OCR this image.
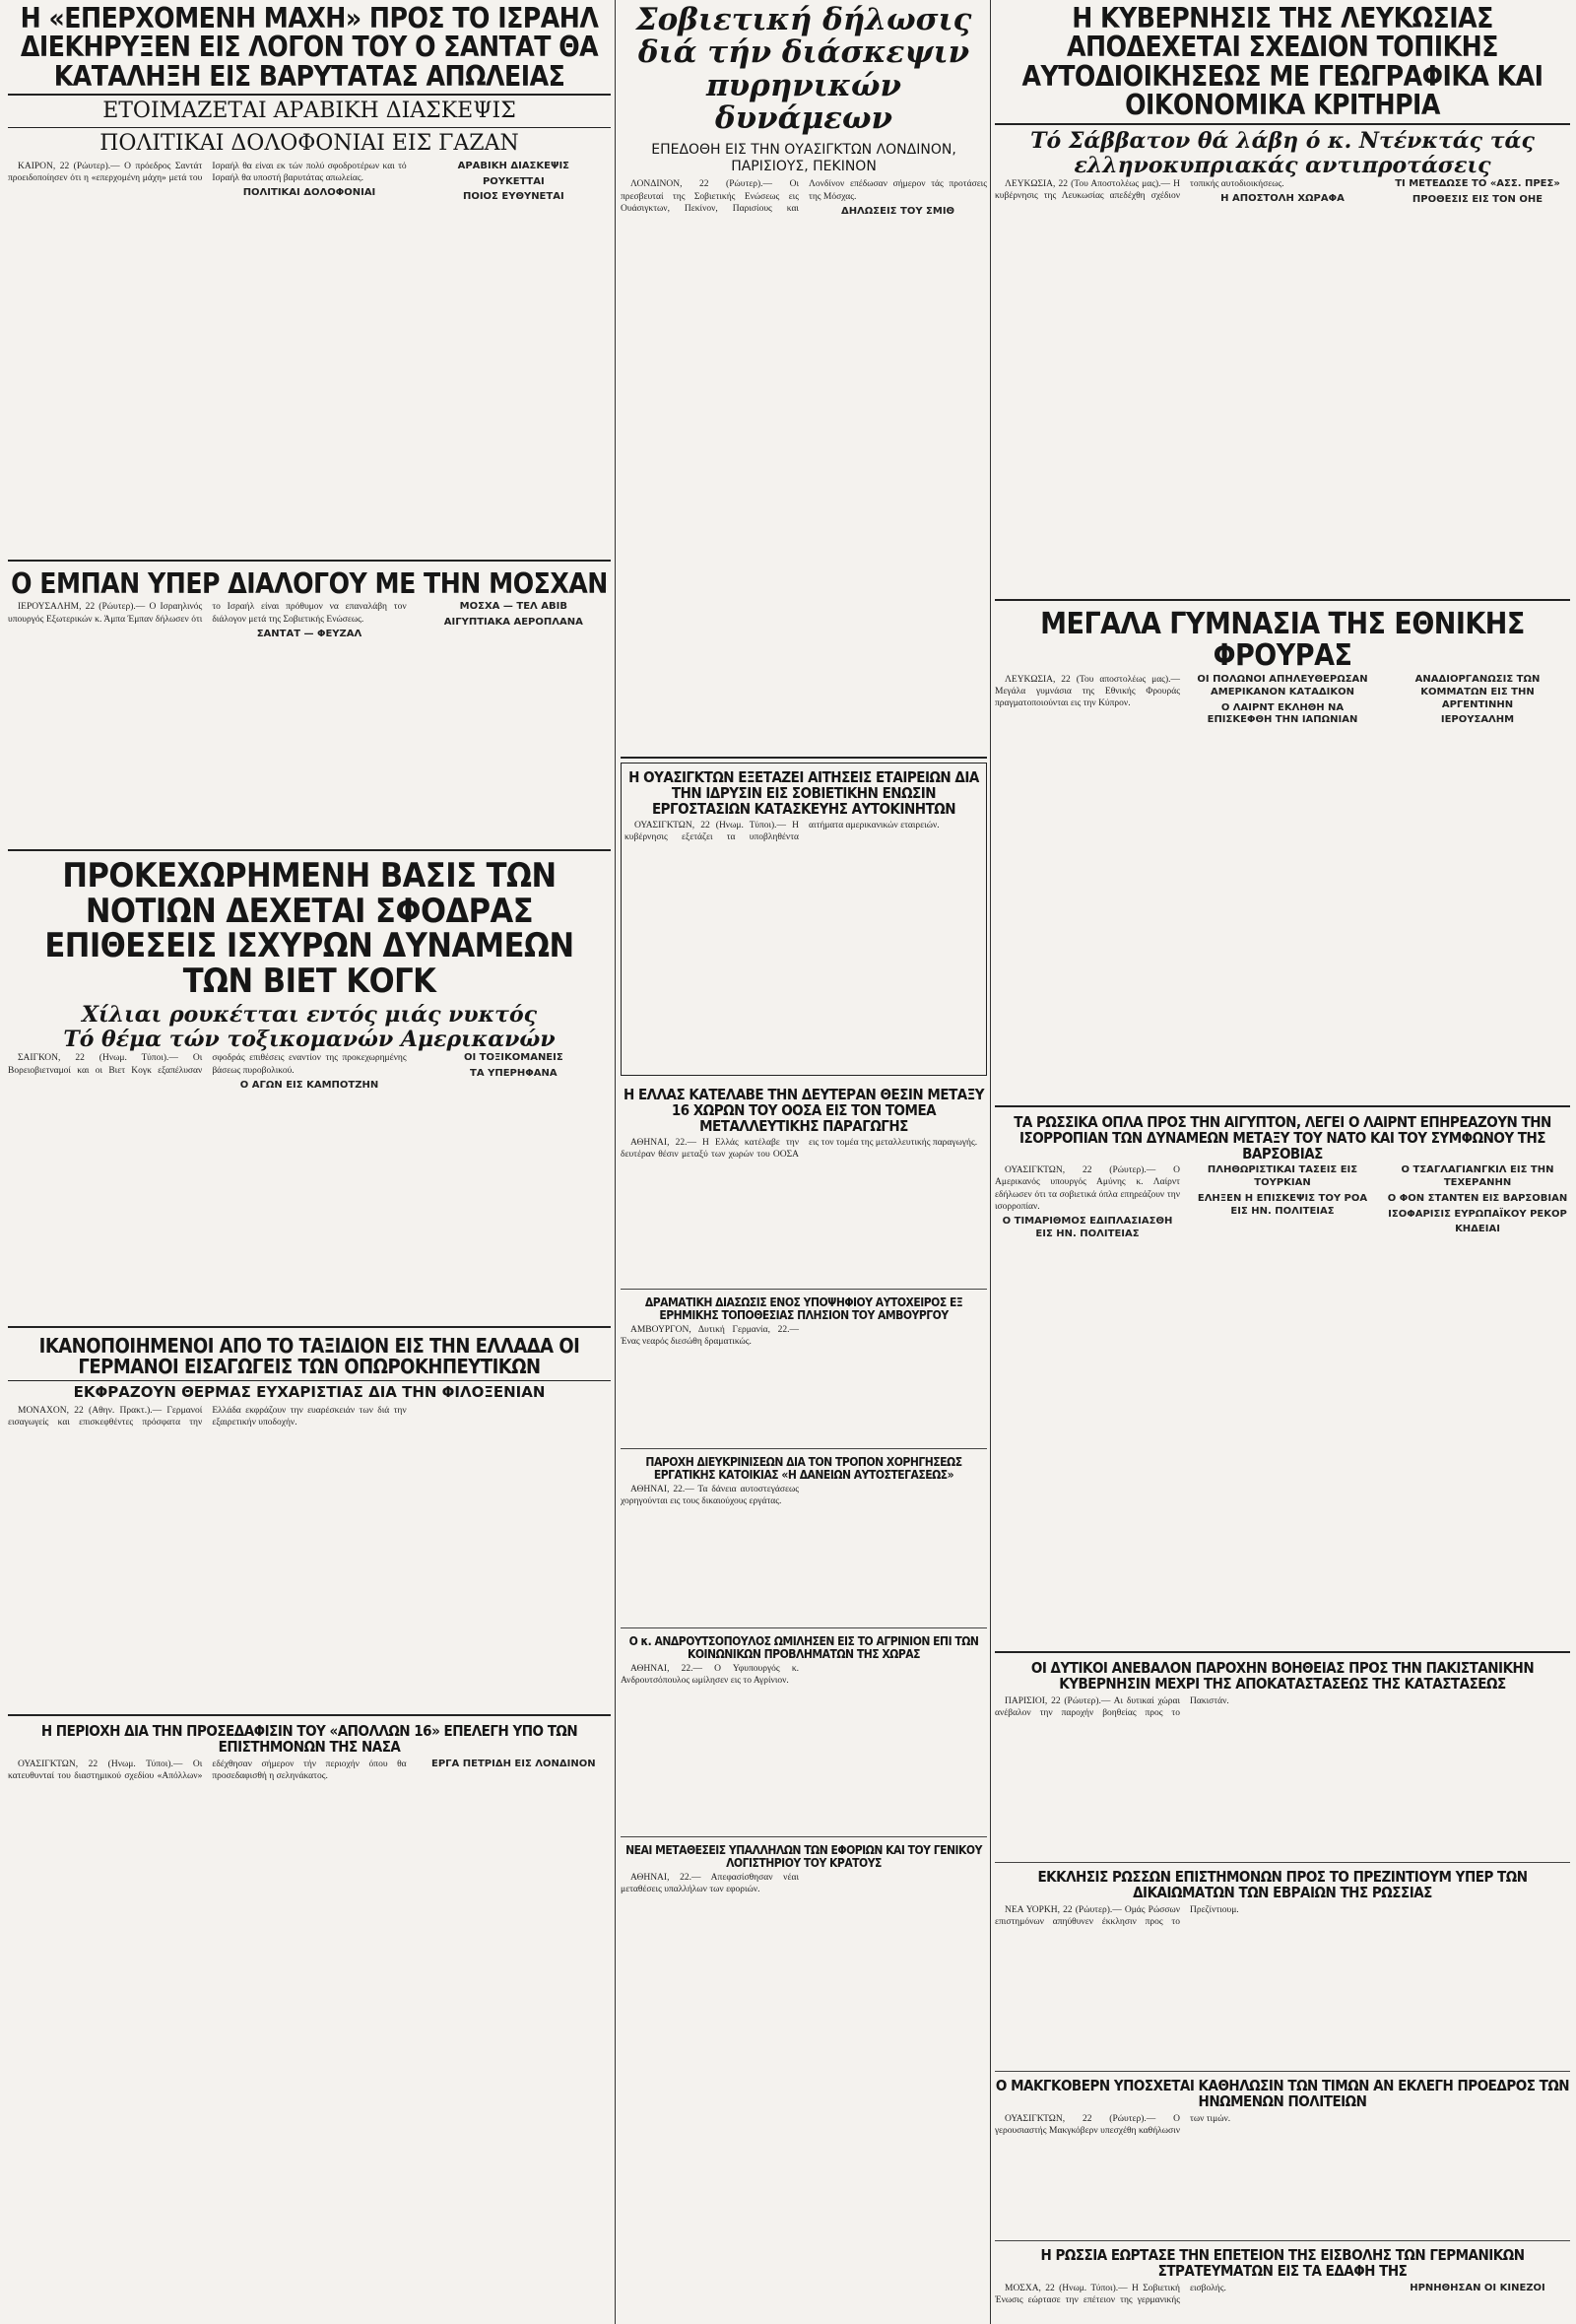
Η «ΕΠΕΡΧΟΜΕΝΗ ΜΑΧΗ» ΠΡΟΣ ΤΟ ΙΣΡΑΗΛ ΔΙΕΚΗΡΥΞΕΝ ΕΙΣ ΛΟΓΟΝ ΤΟΥ Ο ΣΑΝΤΑΤ ΘΑ ΚΑΤΑΛΗΞΗ ΕΙΣ ΒΑΡΥΤΑΤΑΣ ΑΠΩΛΕΙΑΣ
ΕΤΟΙΜΑΖΕΤΑΙ ΑΡΑΒΙΚΗ ΔΙΑΣΚΕΨΙΣ
ΠΟΛΙΤΙΚΑΙ ΔΟΛΟΦΟΝΙΑΙ ΕΙΣ ΓΑΖΑΝ

ΚΑΙΡΟΝ, 22 (Ρώυτερ).— Ο πρόεδρος Σαντάτ προειδοποίησεν ότι η «επερχομένη μάχη» μετά του Ισραήλ θα είναι εκ τών πολύ σφοδροτέρων και τό Ισραήλ θα υποστή βαρυτάτας απωλείας.

ΠΟΛΙΤΙΚΑΙ ΔΟΛΟΦΟΝΙΑΙ
ΑΡΑΒΙΚΗ ΔΙΑΣΚΕΨΙΣ
ΡΟΥΚΕΤΤΑΙ
ΠΟΙΟΣ ΕΥΘΥΝΕΤΑΙ
Ο ΕΜΠΑΝ ΥΠΕΡ ΔΙΑΛΟΓΟΥ ΜΕ ΤΗΝ ΜΟΣΧΑΝ

ΙΕΡΟΥΣΑΛΗΜ, 22 (Ρώυτερ).— Ο Ισραηλινός υπουργός Εξωτερικών κ. Άμπα Έμπαν δήλωσεν ότι το Ισραήλ είναι πρόθυμον να επαναλάβη τον διάλογον μετά της Σοβιετικής Ενώσεως.

ΣΑΝΤΑΤ — ΦΕΥΖΑΛ
ΜΟΣΧΑ — ΤΕΛ ΑΒΙΒ
ΑΙΓΥΠΤΙΑΚΑ ΑΕΡΟΠΛΑΝΑ
ΠΡΟΚΕΧΩΡΗΜΕΝΗ ΒΑΣΙΣ ΤΩΝ ΝΟΤΙΩΝ ΔΕΧΕΤΑΙ ΣΦΟΔΡΑΣ ΕΠΙΘΕΣΕΙΣ ΙΣΧΥΡΩΝ ΔΥΝΑΜΕΩΝ ΤΩΝ ΒΙΕΤ ΚΟΓΚ
Χίλιαι ρουκέτται εντός μιάς νυκτός
Τό θέμα τών τοξικομανών Αμερικανών

ΣΑΙΓΚΟΝ, 22 (Ηνωμ. Τύποι).— Οι Βορειοβιετναμοί και οι Βιετ Κογκ εξαπέλυσαν σφοδράς επιθέσεις εναντίον της προκεχωρημένης βάσεως πυροβολικού.

Ο ΑΓΩΝ ΕΙΣ ΚΑΜΠΟΤΖΗΝ
ΟΙ ΤΟΞΙΚΟΜΑΝΕΙΣ
ΤΑ ΥΠΕΡΗΦΑΝΑ
ΙΚΑΝΟΠΟΙΗΜΕΝΟΙ ΑΠΟ ΤΟ ΤΑΞΙΔΙΟΝ ΕΙΣ ΤΗΝ ΕΛΛΑΔΑ ΟΙ ΓΕΡΜΑΝΟΙ ΕΙΣΑΓΩΓΕΙΣ ΤΩΝ ΟΠΩΡΟΚΗΠΕΥΤΙΚΩΝ
ΕΚΦΡΑΖΟΥΝ ΘΕΡΜΑΣ ΕΥΧΑΡΙΣΤΙΑΣ ΔΙΑ ΤΗΝ ΦΙΛΟΞΕΝΙΑΝ

ΜΟΝΑΧΟΝ, 22 (Αθην. Πρακτ.).— Γερμανοί εισαγωγείς και επισκεφθέντες πρόσφατα την Ελλάδα εκφράζουν την ευαρέσκειάν των διά την εξαιρετικήν υποδοχήν.

Η ΠΕΡΙΟΧΗ ΔΙΑ ΤΗΝ ΠΡΟΣΕΔΑΦΙΣΙΝ ΤΟΥ «ΑΠΟΛΛΩΝ 16» ΕΠΕΛΕΓΗ ΥΠΟ ΤΩΝ ΕΠΙΣΤΗΜΟΝΩΝ ΤΗΣ ΝΑΣΑ

ΟΥΑΣΙΓΚΤΩΝ, 22 (Ηνωμ. Τύποι).— Οι κατευθυνταί του διαστημικού σχεδίου «Απόλλων» εδέχθησαν σήμερον τήν περιοχήν όπου θα προσεδαφισθή η σεληνάκατος.

ΕΡΓΑ ΠΕΤΡΙΔΗ ΕΙΣ ΛΟΝΔΙΝΟΝ
Σοβιετική δήλωσις διά τήν διάσκεψιν πυρηνικών δυνάμεων
ΕΠΕΔΟΘΗ ΕΙΣ ΤΗΝ ΟΥΑΣΙΓΚΤΩΝ ΛΟΝΔΙΝΟΝ, ΠΑΡΙΣΙΟΥΣ, ΠΕΚΙΝΟΝ

ΛΟΝΔΙΝΟΝ, 22 (Ρώυτερ).— Οι πρεσβευταί της Σοβιετικής Ενώσεως εις Ουάσιγκτων, Πεκίνον, Παρισίους και Λονδίνον επέδωσαν σήμερον τάς προτάσεις της Μόσχας.

ΔΗΛΩΣΕΙΣ ΤΟΥ ΣΜΙΘ
Η ΟΥΑΣΙΓΚΤΩΝ ΕΞΕΤΑΖΕΙ ΑΙΤΗΣΕΙΣ ΕΤΑΙΡΕΙΩΝ ΔΙΑ ΤΗΝ ΙΔΡΥΣΙΝ ΕΙΣ ΣΟΒΙΕΤΙΚΗΝ ΕΝΩΣΙΝ ΕΡΓΟΣΤΑΣΙΩΝ ΚΑΤΑΣΚΕΥΗΣ ΑΥΤΟΚΙΝΗΤΩΝ

ΟΥΑΣΙΓΚΤΩΝ, 22 (Ηνωμ. Τύποι).— Η κυβέρνησις εξετάζει τα υποβληθέντα αιτήματα αμερικανικών εταιρειών.

Η ΕΛΛΑΣ ΚΑΤΕΛΑΒΕ ΤΗΝ ΔΕΥΤΕΡΑΝ ΘΕΣΙΝ ΜΕΤΑΞΥ 16 ΧΩΡΩΝ ΤΟΥ ΟΟΣΑ ΕΙΣ ΤΟΝ ΤΟΜΕΑ ΜΕΤΑΛΛΕΥΤΙΚΗΣ ΠΑΡΑΓΩΓΗΣ

ΑΘΗΝΑΙ, 22.— Η Ελλάς κατέλαβε την δευτέραν θέσιν μεταξύ των χωρών του ΟΟΣΑ εις τον τομέα της μεταλλευτικής παραγωγής.

ΔΡΑΜΑΤΙΚΗ ΔΙΑΣΩΣΙΣ ΕΝΟΣ ΥΠΟΨΗΦΙΟΥ ΑΥΤΟΧΕΙΡΟΣ ΕΞ ΕΡΗΜΙΚΗΣ ΤΟΠΟΘΕΣΙΑΣ ΠΛΗΣΙΟΝ ΤΟΥ ΑΜΒΟΥΡΓΟΥ

ΑΜΒΟΥΡΓΟΝ, Δυτική Γερμανία, 22.— Ένας νεαρός διεσώθη δραματικώς.

ΠΑΡΟΧΗ ΔΙΕΥΚΡΙΝΙΣΕΩΝ ΔΙΑ ΤΟΝ ΤΡΟΠΟΝ ΧΟΡΗΓΗΣΕΩΣ ΕΡΓΑΤΙΚΗΣ ΚΑΤΟΙΚΙΑΣ «Η ΔΑΝΕΙΩΝ ΑΥΤΟΣΤΕΓΑΣΕΩΣ»

ΑΘΗΝΑΙ, 22.— Τα δάνεια αυτοστεγάσεως χορηγούνται εις τους δικαιούχους εργάτας.

Ο κ. ΑΝΔΡΟΥΤΣΟΠΟΥΛΟΣ ΩΜΙΛΗΣΕΝ ΕΙΣ ΤΟ ΑΓΡΙΝΙΟΝ ΕΠΙ ΤΩΝ ΚΟΙΝΩΝΙΚΩΝ ΠΡΟΒΛΗΜΑΤΩΝ ΤΗΣ ΧΩΡΑΣ

ΑΘΗΝΑΙ, 22.— Ο Υφυπουργός κ. Ανδρουτσόπουλος ωμίλησεν εις το Αγρίνιον.

ΝΕΑΙ ΜΕΤΑΘΕΣΕΙΣ ΥΠΑΛΛΗΛΩΝ ΤΩΝ ΕΦΟΡΙΩΝ ΚΑΙ ΤΟΥ ΓΕΝΙΚΟΥ ΛΟΓΙΣΤΗΡΙΟΥ ΤΟΥ ΚΡΑΤΟΥΣ

ΑΘΗΝΑΙ, 22.— Απεφασίσθησαν νέαι μεταθέσεις υπαλλήλων των εφοριών.

Η ΚΥΒΕΡΝΗΣΙΣ ΤΗΣ ΛΕΥΚΩΣΙΑΣ ΑΠΟΔΕΧΕΤΑΙ ΣΧΕΔΙΟΝ ΤΟΠΙΚΗΣ ΑΥΤΟΔΙΟΙΚΗΣΕΩΣ ΜΕ ΓΕΩΓΡΑΦΙΚΑ ΚΑΙ ΟΙΚΟΝΟΜΙΚΑ ΚΡΙΤΗΡΙΑ
Τό Σάββατον θά λάβη ό κ. Ντένκτάς τάς ελληνοκυπριακάς αντιπροτάσεις

ΛΕΥΚΩΣΙΑ, 22 (Του Αποστολέως μας).— Η κυβέρνησις της Λευκωσίας απεδέχθη σχέδιον τοπικής αυτοδιοικήσεως.

Η ΑΠΟΣΤΟΛΗ ΧΩΡΑΦΑ
ΤΙ ΜΕΤΕΔΩΣΕ ΤΟ «ΑΣΣ. ΠΡΕΣ»
ΠΡΟΘΕΣΙΣ ΕΙΣ ΤΟΝ ΟΗΕ
ΜΕΓΑΛΑ ΓΥΜΝΑΣΙΑ ΤΗΣ ΕΘΝΙΚΗΣ ΦΡΟΥΡΑΣ

ΛΕΥΚΩΣΙΑ, 22 (Του αποστολέως μας).— Μεγάλα γυμνάσια της Εθνικής Φρουράς πραγματοποιούνται εις την Κύπρον.

ΟΙ ΠΟΛΩΝΟΙ ΑΠΗΛΕΥΘΕΡΩΣΑΝ ΑΜΕΡΙΚΑΝΟΝ ΚΑΤΑΔΙΚΟΝ
Ο ΛΑΙΡΝΤ ΕΚΛΗΘΗ ΝΑ ΕΠΙΣΚΕΦΘΗ ΤΗΝ ΙΑΠΩΝΙΑΝ
ΑΝΑΔΙΟΡΓΑΝΩΣΙΣ ΤΩΝ ΚΟΜΜΑΤΩΝ ΕΙΣ ΤΗΝ ΑΡΓΕΝΤΙΝΗΝ
ΙΕΡΟΥΣΑΛΗΜ
ΤΑ ΡΩΣΣΙΚΑ ΟΠΛΑ ΠΡΟΣ ΤΗΝ ΑΙΓΥΠΤΟΝ, ΛΕΓΕΙ Ο ΛΑΙΡΝΤ ΕΠΗΡΕΑΖΟΥΝ ΤΗΝ ΙΣΟΡΡΟΠΙΑΝ ΤΩΝ ΔΥΝΑΜΕΩΝ ΜΕΤΑΞΥ ΤΟΥ ΝΑΤΟ ΚΑΙ ΤΟΥ ΣΥΜΦΩΝΟΥ ΤΗΣ ΒΑΡΣΟΒΙΑΣ

ΟΥΑΣΙΓΚΤΩΝ, 22 (Ρώυτερ).— Ο Αμερικανός υπουργός Αμύνης κ. Λαίρντ εδήλωσεν ότι τα σοβιετικά όπλα επηρεάζουν την ισορροπίαν.

Ο ΤΙΜΑΡΙΘΜΟΣ ΕΔΙΠΛΑΣΙΑΣΘΗ ΕΙΣ ΗΝ. ΠΟΛΙΤΕΙΑΣ
ΠΛΗΘΩΡΙΣΤΙΚΑΙ ΤΑΣΕΙΣ ΕΙΣ ΤΟΥΡΚΙΑΝ
ΕΛΗΞΕΝ Η ΕΠΙΣΚΕΨΙΣ ΤΟΥ ΡΟΑ ΕΙΣ ΗΝ. ΠΟΛΙΤΕΙΑΣ
Ο ΤΣΑΓΛΑΓΙΑΝΓΚΙΛ ΕΙΣ ΤΗΝ ΤΕΧΕΡΑΝΗΝ
Ο ΦΟΝ ΣΤΑΝΤΕΝ ΕΙΣ ΒΑΡΣΟΒΙΑΝ
ΙΣΟΦΑΡΙΣΙΣ ΕΥΡΩΠΑΪΚΟΥ ΡΕΚΟΡ
ΚΗΔΕΙΑΙ
ΟΙ ΔΥΤΙΚΟΙ ΑΝΕΒΑΛΟΝ ΠΑΡΟΧΗΝ ΒΟΗΘΕΙΑΣ ΠΡΟΣ ΤΗΝ ΠΑΚΙΣΤΑΝΙΚΗΝ ΚΥΒΕΡΝΗΣΙΝ ΜΕΧΡΙ ΤΗΣ ΑΠΟΚΑΤΑΣΤΑΣΕΩΣ ΤΗΣ ΚΑΤΑΣΤΑΣΕΩΣ

ΠΑΡΙΣΙΟΙ, 22 (Ρώυτερ).— Αι δυτικαί χώραι ανέβαλον την παροχήν βοηθείας προς το Πακιστάν.

ΕΚΚΛΗΣΙΣ ΡΩΣΣΩΝ ΕΠΙΣΤΗΜΟΝΩΝ ΠΡΟΣ ΤΟ ΠΡΕΖΙΝΤΙΟΥΜ ΥΠΕΡ ΤΩΝ ΔΙΚΑΙΩΜΑΤΩΝ ΤΩΝ ΕΒΡΑΙΩΝ ΤΗΣ ΡΩΣΣΙΑΣ

ΝΕΑ ΥΟΡΚΗ, 22 (Ρώυτερ).— Ομάς Ρώσσων επιστημόνων απηύθυνεν έκκλησιν προς το Πρεζίντιουμ.

Ο ΜΑΚΓΚΟΒΕΡΝ ΥΠΟΣΧΕΤΑΙ ΚΑΘΗΛΩΣΙΝ ΤΩΝ ΤΙΜΩΝ ΑΝ ΕΚΛΕΓΗ ΠΡΟΕΔΡΟΣ ΤΩΝ ΗΝΩΜΕΝΩΝ ΠΟΛΙΤΕΙΩΝ

ΟΥΑΣΙΓΚΤΩΝ, 22 (Ρώυτερ).— Ο γερουσιαστής Μακγκόβερν υπεσχέθη καθήλωσιν των τιμών.

Η ΡΩΣΣΙΑ ΕΩΡΤΑΣΕ ΤΗΝ ΕΠΕΤΕΙΟΝ ΤΗΣ ΕΙΣΒΟΛΗΣ ΤΩΝ ΓΕΡΜΑΝΙΚΩΝ ΣΤΡΑΤΕΥΜΑΤΩΝ ΕΙΣ ΤΑ ΕΔΑΦΗ ΤΗΣ

ΜΟΣΧΑ, 22 (Ηνωμ. Τύποι).— Η Σοβιετική Ένωσις εώρτασε την επέτειον της γερμανικής εισβολής.	ΗΡΝΗΘΗΣΑΝ ΟΙ ΚΙΝΕΖΟΙ
